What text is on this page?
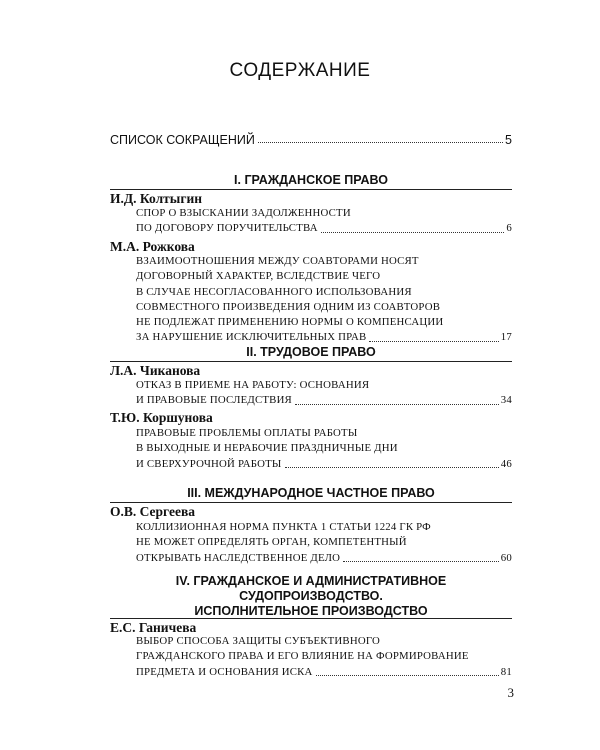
СОДЕРЖАНИЕ
СПИСОК СОКРАЩЕНИЙ	5
I. ГРАЖДАНСКОЕ ПРАВО
И.Д. Колтыгин
СПОР О ВЗЫСКАНИИ ЗАДОЛЖЕННОСТИ
ПО ДОГОВОРУ ПОРУЧИТЕЛЬСТВА	6
М.А. Рожкова
ВЗАИМООТНОШЕНИЯ МЕЖДУ СОАВТОРАМИ НОСЯТ
ДОГОВОРНЫЙ ХАРАКТЕР, ВСЛЕДСТВИЕ ЧЕГО
В СЛУЧАЕ НЕСОГЛАСОВАННОГО ИСПОЛЬЗОВАНИЯ
СОВМЕСТНОГО ПРОИЗВЕДЕНИЯ ОДНИМ ИЗ СОАВТОРОВ
НЕ ПОДЛЕЖАТ ПРИМЕНЕНИЮ НОРМЫ О КОМПЕНСАЦИИ
ЗА НАРУШЕНИЕ ИСКЛЮЧИТЕЛЬНЫХ ПРАВ	17
II. ТРУДОВОЕ ПРАВО
Л.А. Чиканова
ОТКАЗ В ПРИЕМЕ НА РАБОТУ: ОСНОВАНИЯ
И ПРАВОВЫЕ ПОСЛЕДСТВИЯ	34
Т.Ю. Коршунова
ПРАВОВЫЕ ПРОБЛЕМЫ ОПЛАТЫ РАБОТЫ
В ВЫХОДНЫЕ И НЕРАБОЧИЕ ПРАЗДНИЧНЫЕ ДНИ
И СВЕРХУРОЧНОЙ РАБОТЫ	46
III. МЕЖДУНАРОДНОЕ ЧАСТНОЕ ПРАВО
О.В. Сергеева
КОЛЛИЗИОННАЯ НОРМА ПУНКТА 1 СТАТЬИ 1224 ГК РФ
НЕ МОЖЕТ ОПРЕДЕЛЯТЬ ОРГАН, КОМПЕТЕНТНЫЙ
ОТКРЫВАТЬ НАСЛЕДСТВЕННОЕ ДЕЛО	60
IV. ГРАЖДАНСКОЕ И АДМИНИСТРАТИВНОЕ
СУДОПРОИЗВОДСТВО.
ИСПОЛНИТЕЛЬНОЕ ПРОИЗВОДСТВО
Е.С. Ганичева
ВЫБОР СПОСОБА ЗАЩИТЫ СУБЪЕКТИВНОГО
ГРАЖДАНСКОГО ПРАВА И ЕГО ВЛИЯНИЕ НА ФОРМИРОВАНИЕ
ПРЕДМЕТА И ОСНОВАНИЯ ИСКА	81
3
